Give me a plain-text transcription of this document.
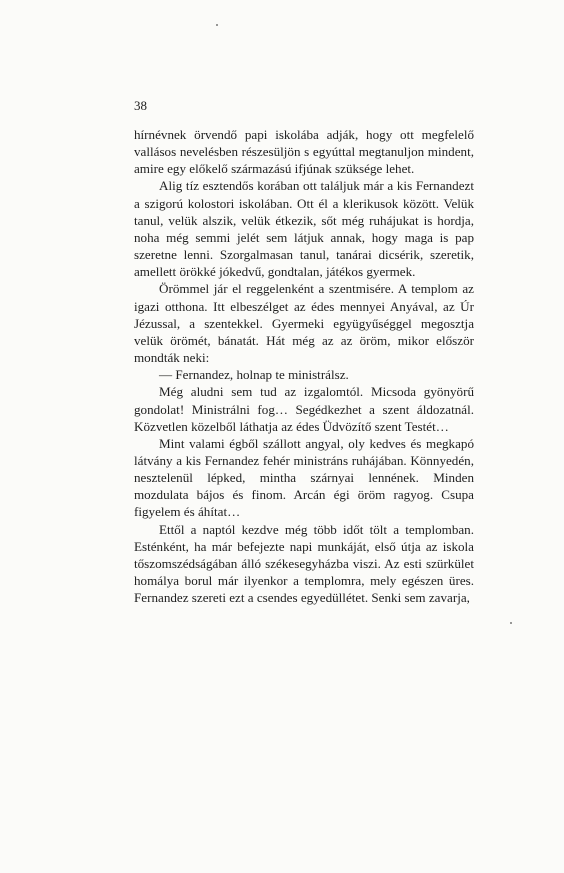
38

hírnévnek örvendő papi iskolába adják, hogy ott megfelelő vallásos nevelésben részesüljön s egyúttal megtanuljon mindent, amire egy előkelő származású ifjúnak szüksége lehet.

Alig tíz esztendős korában ott találjuk már a kis Fernandezt a szigorú kolostori iskolában. Ott él a klerikusok között. Velük tanul, velük alszik, velük étkezik, sőt még ruhájukat is hordja, noha még semmi jelét sem látjuk annak, hogy maga is pap szeretne lenni. Szorgalmasan tanul, tanárai dicsérik, szeretik, amellett örökké jókedvű, gondtalan, játékos gyermek.

Örömmel jár el reggelenként a szentmisére. A templom az igazi otthona. Itt elbeszélget az édes mennyei Anyával, az Úr Jézussal, a szentekkel. Gyermeki együgyűséggel megosztja velük örömét, bánatát. Hát még az az öröm, mikor először mondták neki:

— Fernandez, holnap te ministrálsz.

Még aludni sem tud az izgalomtól. Micsoda gyönyörű gondolat! Ministrálni fog… Segédkezhet a szent áldozatnál. Közvetlen közelből láthatja az édes Üdvözítő szent Testét…

Mint valami égből szállott angyal, oly kedves és megkapó látvány a kis Fernandez fehér ministráns ruhájában. Könnyedén, nesztelenül lépked, mintha szárnyai lennének. Minden mozdulata bájos és finom. Arcán égi öröm ragyog. Csupa figyelem és áhítat…

Ettől a naptól kezdve még több időt tölt a templomban. Esténként, ha már befejezte napi munkáját, első útja az iskola tőszomszédságában álló székesegyházba viszi. Az esti szürkület homálya borul már ilyenkor a templomra, mely egészen üres. Fernandez szereti ezt a csendes egyedüllétet. Senki sem zavarja,
